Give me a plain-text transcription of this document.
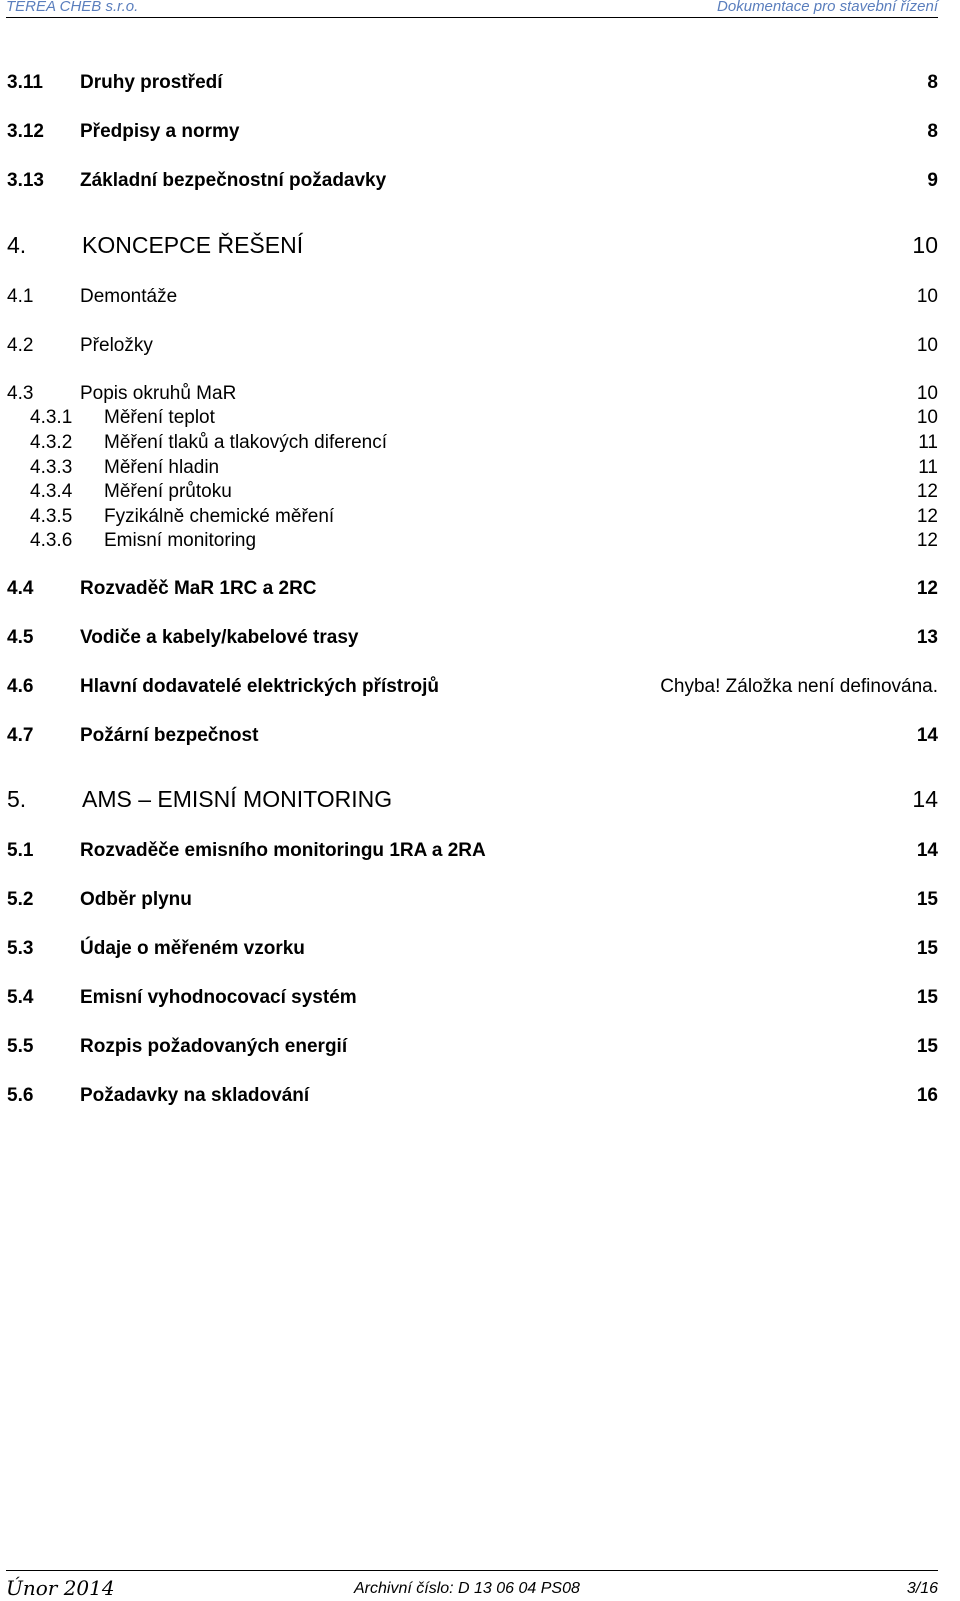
TEREA CHEB s.r.o.	Dokumentace pro stavební řízení
3.11 Druhy prostředí	8
3.12 Předpisy a normy	8
3.13 Základní bezpečnostní požadavky	9
4. KONCEPCE ŘEŠENÍ	10
4.1 Demontáže	10
4.2 Přeložky	10
4.3 Popis okruhů MaR	10
4.3.1 Měření teplot	10
4.3.2 Měření tlaků a tlakových diferencí	11
4.3.3 Měření hladin	11
4.3.4 Měření průtoku	12
4.3.5 Fyzikálně chemické měření	12
4.3.6 Emisní monitoring	12
4.4 Rozvaděč MaR 1RC a 2RC	12
4.5 Vodiče a kabely/kabelové trasy	13
4.6 Hlavní dodavatelé elektrických přístrojů	Chyba! Záložka není definována.
4.7 Požární bezpečnost	14
5. AMS – EMISNÍ MONITORING	14
5.1 Rozvaděče emisního monitoringu 1RA a 2RA	14
5.2 Odběr plynu	15
5.3 Údaje o měřeném vzorku	15
5.4 Emisní vyhodnocovací systém	15
5.5 Rozpis požadovaných energií	15
5.6 Požadavky na skladování	16
Únor 2014	Archivní číslo: D 13 06 04 PS08	3/16
